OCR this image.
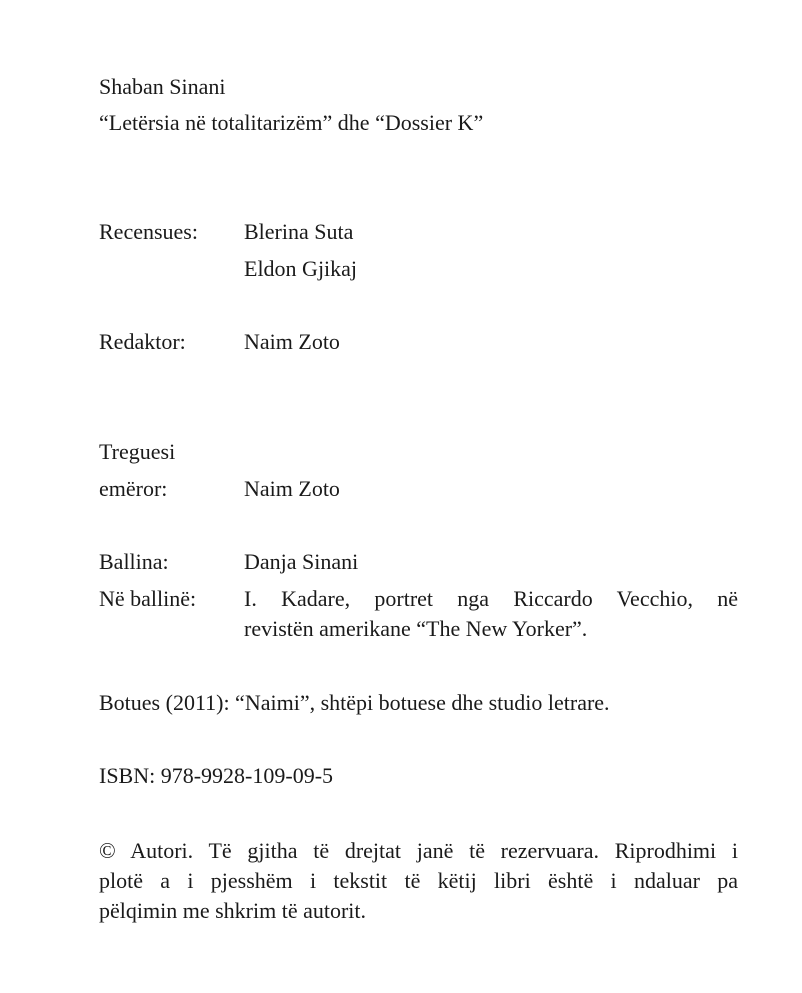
Shaban Sinani
“Letërsia në totalitarizëm” dhe “Dossier K”
Recensues: Blerina Suta
Eldon Gjikaj
Redaktor:	Naim Zoto
Treguesi
emëror:	Naim Zoto
Ballina:	Danja Sinani
Në ballinë: I. Kadare, portret nga Riccardo Vecchio, në
revistën amerikane “The New Yorker”.
Botues (2011): “Naimi”, shtëpi botuese dhe studio letrare.
ISBN: 978-9928-109-09-5
© Autori. Të gjitha të drejtat janë të rezervuara. Riprodhimi i
plotë a i pjesshëm i tekstit të këtij libri është i ndaluar pa
pëlqimin me shkrim të autorit.
